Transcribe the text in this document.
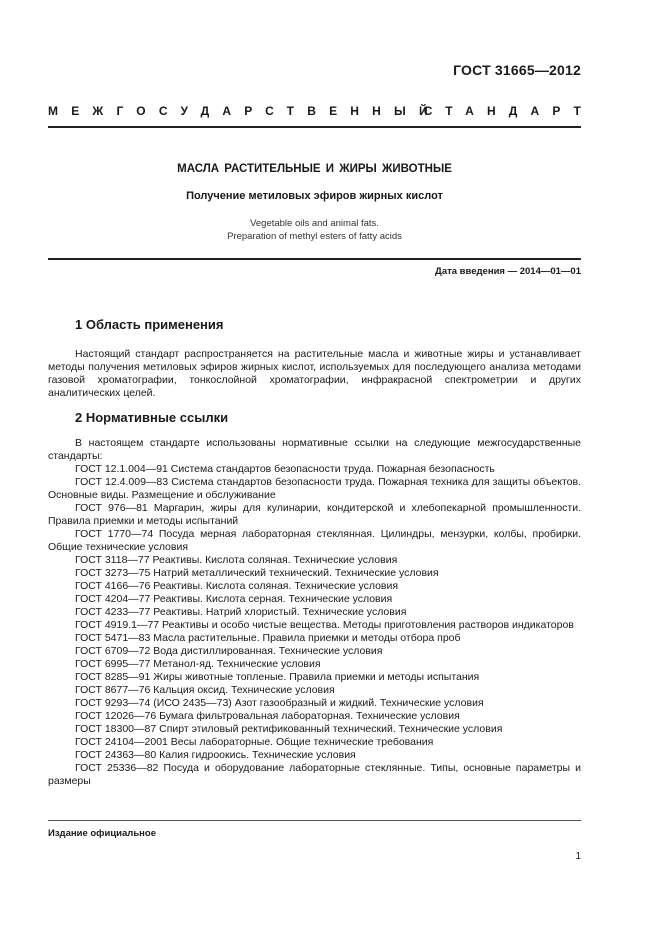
ГОСТ 31665—2012
МЕЖГОСУДАРСТВЕННЫЙ
СТАНДАРТ
МАСЛА РАСТИТЕЛЬНЫЕ И ЖИРЫ ЖИВОТНЫЕ
Получение метиловых эфиров жирных кислот
Vegetable oils and animal fats.
Preparation of methyl esters of fatty acids
Дата введения — 2014—01—01
1 Область применения

Настоящий стандарт распространяется на растительные масла и животные жиры и устанавливает методы получения метиловых эфиров жирных кислот, используемых для последующего анализа методами газовой хроматографии, тонкослойной хроматографии, инфракрасной спектрометрии и других аналитических целей.

2 Нормативные ссылки

В настоящем стандарте использованы нормативные ссылки на следующие межгосударственные стандарты:

ГОСТ 12.1.004—91 Система стандартов безопасности труда. Пожарная безопасность

ГОСТ 12.4.009—83 Система стандартов безопасности труда. Пожарная техника для защиты объектов. Основные виды. Размещение и обслуживание

ГОСТ 976—81 Маргарин, жиры для кулинарии, кондитерской и хлебопекарной промышленности. Правила приемки и методы испытаний

ГОСТ 1770—74 Посуда мерная лабораторная стеклянная. Цилиндры, мензурки, колбы, пробирки. Общие технические условия

ГОСТ 3118—77 Реактивы. Кислота соляная. Технические условия

ГОСТ 3273—75 Натрий металлический технический. Технические условия

ГОСТ 4166—76 Реактивы. Кислота соляная. Технические условия

ГОСТ 4204—77 Реактивы. Кислота серная. Технические условия

ГОСТ 4233—77 Реактивы. Натрий хлористый. Технические условия

ГОСТ 4919.1—77 Реактивы и особо чистые вещества. Методы приготовления растворов индикаторов

ГОСТ 5471—83 Масла растительные. Правила приемки и методы отбора проб

ГОСТ 6709—72 Вода дистиллированная. Технические условия

ГОСТ 6995—77 Метанол-яд. Технические условия

ГОСТ 8285—91 Жиры животные топленые. Правила приемки и методы испытания

ГОСТ 8677—76 Кальция оксид. Технические условия

ГОСТ 9293—74 (ИСО 2435—73) Азот газообразный и жидкий. Технические условия

ГОСТ 12026—76 Бумага фильтровальная лабораторная. Технические условия

ГОСТ 18300—87 Спирт этиловый ректификованный технический. Технические условия

ГОСТ 24104—2001 Весы лабораторные. Общие технические требования

ГОСТ 24363—80 Калия гидроокись. Технические условия

ГОСТ 25336—82 Посуда и оборудование лабораторные стеклянные. Типы, основные параметры и размеры

Издание официальное
1
